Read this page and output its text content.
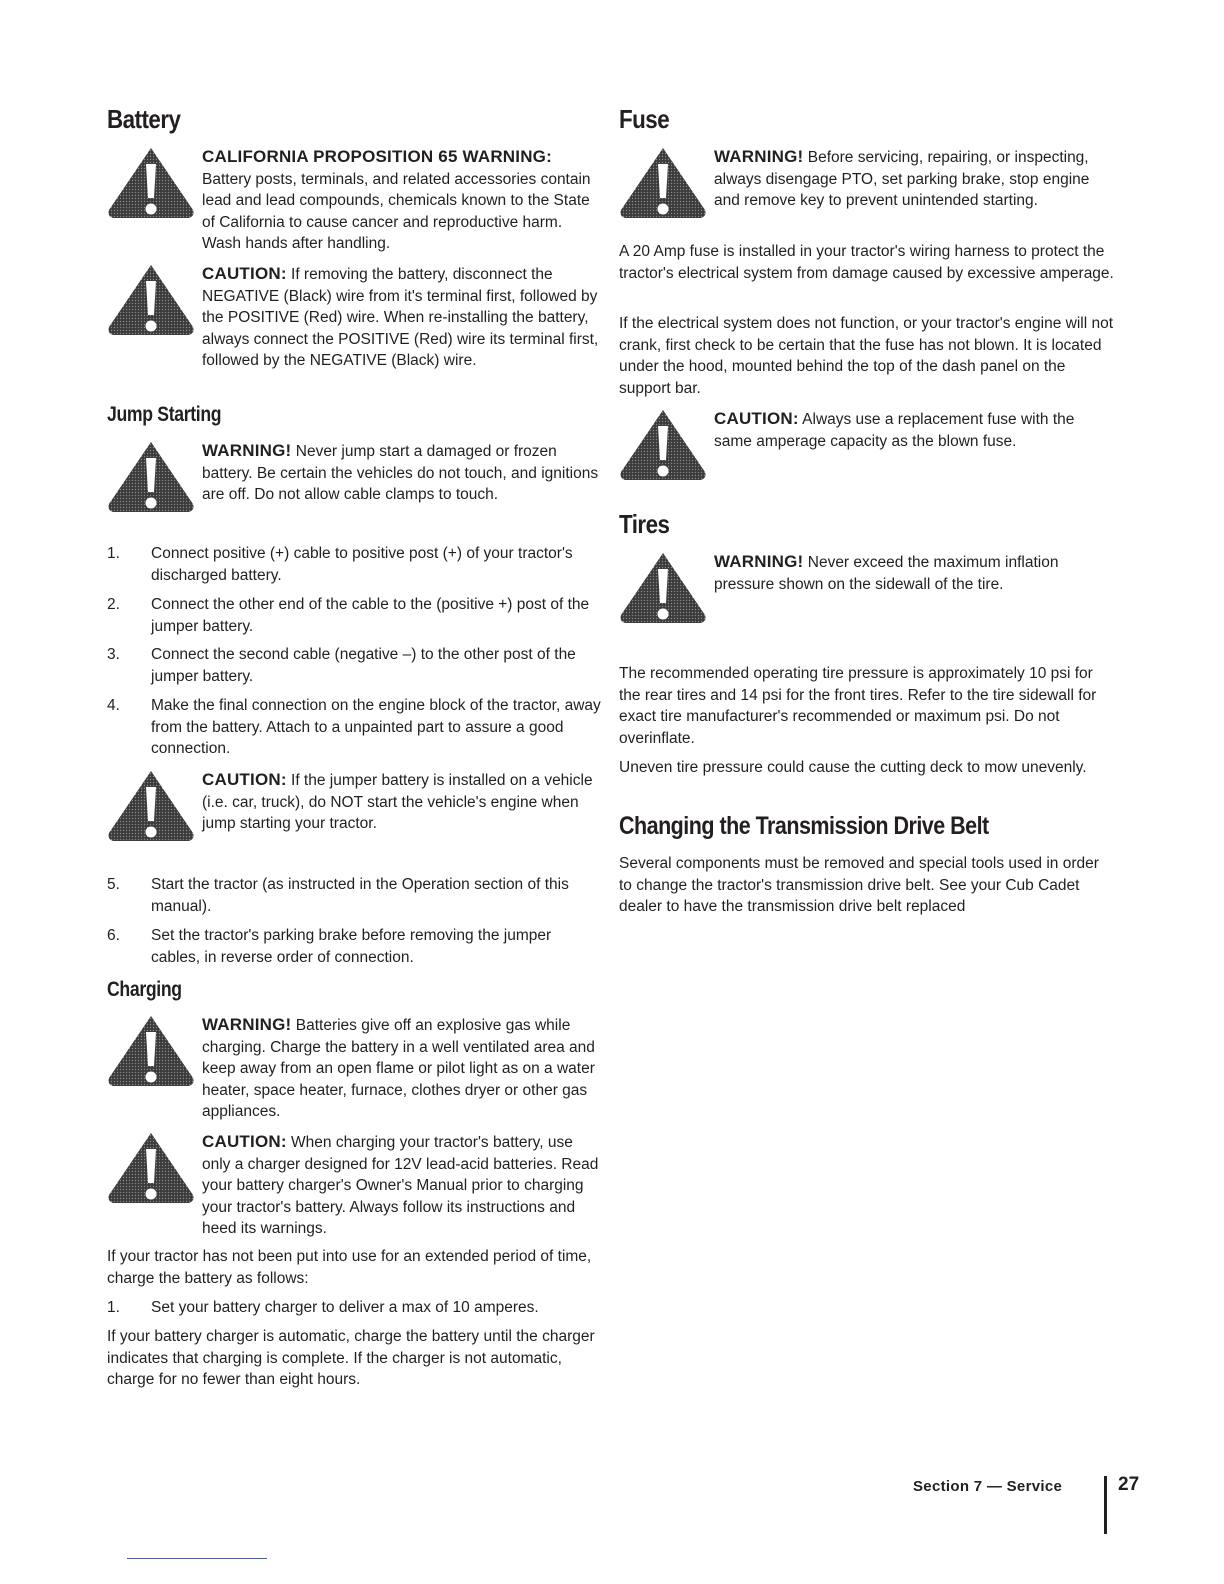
Battery
CALIFORNIA PROPOSITION 65 WARNING: Battery posts, terminals, and related accessories contain lead and lead compounds, chemicals known to the State of California to cause cancer and reproductive harm. Wash hands after handling.
CAUTION: If removing the battery, disconnect the NEGATIVE (Black) wire from it's terminal first, followed by the POSITIVE (Red) wire. When re-installing the battery, always connect the POSITIVE (Red) wire its terminal first, followed by the NEGATIVE (Black) wire.
Jump Starting
WARNING! Never jump start a damaged or frozen battery. Be certain the vehicles do not touch, and ignitions are off. Do not allow cable clamps to touch.
1. Connect positive (+) cable to positive post (+) of your tractor's discharged battery.
2. Connect the other end of the cable to the (positive +) post of the jumper battery.
3. Connect the second cable (negative –) to the other post of the jumper battery.
4. Make the final connection on the engine block of the tractor, away from the battery. Attach to a unpainted part to assure a good connection.
CAUTION: If the jumper battery is installed on a vehicle (i.e. car, truck), do NOT start the vehicle's engine when jump starting your tractor.
5. Start the tractor (as instructed in the Operation section of this manual).
6. Set the tractor's parking brake before removing the jumper cables, in reverse order of connection.
Charging
WARNING! Batteries give off an explosive gas while charging. Charge the battery in a well ventilated area and keep away from an open flame or pilot light as on a water heater, space heater, furnace, clothes dryer or other gas appliances.
CAUTION: When charging your tractor's battery, use only a charger designed for 12V lead-acid batteries. Read your battery charger's Owner's Manual prior to charging your tractor's battery. Always follow its instructions and heed its warnings.

If your tractor has not been put into use for an extended period of time, charge the battery as follows:

1. Set your battery charger to deliver a max of 10 amperes.

If your battery charger is automatic, charge the battery until the charger indicates that charging is complete. If the charger is not automatic, charge for no fewer than eight hours.

Fuse
WARNING! Before servicing, repairing, or inspecting, always disengage PTO, set parking brake, stop engine and remove key to prevent unintended starting.

A 20 Amp fuse is installed in your tractor's wiring harness to protect the tractor's electrical system from damage caused by excessive amperage.

If the electrical system does not function, or your tractor's engine will not crank, first check to be certain that the fuse has not blown. It is located under the hood, mounted behind the top of the dash panel on the support bar.

CAUTION: Always use a replacement fuse with the same amperage capacity as the blown fuse.
Tires
WARNING! Never exceed the maximum inflation pressure shown on the sidewall of the tire.

The recommended operating tire pressure is approximately 10 psi for the rear tires and 14 psi for the front tires. Refer to the tire sidewall for exact tire manufacturer's recommended or maximum psi. Do not overinflate.

Uneven tire pressure could cause the cutting deck to mow unevenly.

Changing the Transmission Drive Belt

Several components must be removed and special tools used in order to change the tractor's transmission drive belt. See your Cub Cadet dealer to have the transmission drive belt replaced

Section 7 — Service	27
